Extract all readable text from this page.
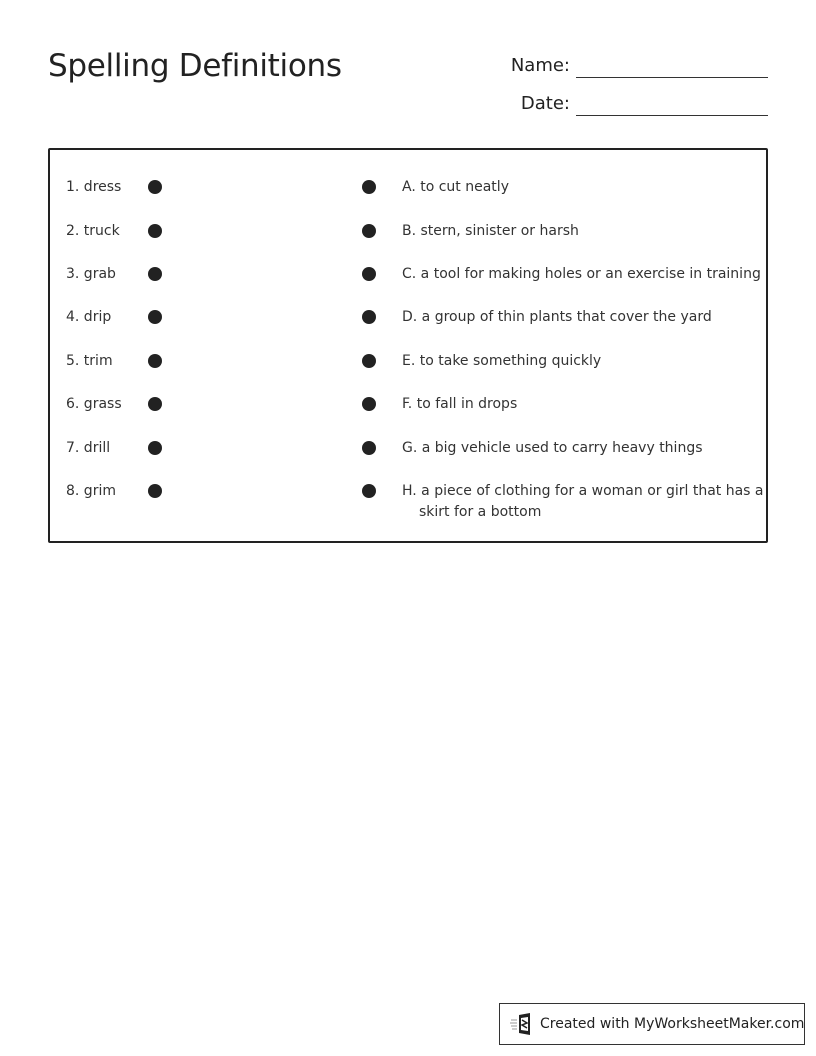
Spelling Definitions	Name:
Date:
1. dress	A. to cut neatly
2. truck	B. stern, sinister or harsh
3. grab	C. a tool for making holes or an exercise in training
4. drip	D. a group of thin plants that cover the yard
5. trim	E. to take something quickly
6. grass	F. to fall in drops
7. drill	G. a big vehicle used to carry heavy things
8. grim	H. a piece of clothing for a woman or girl that has a skirt for a bottom
Created with MyWorksheetMaker.com
